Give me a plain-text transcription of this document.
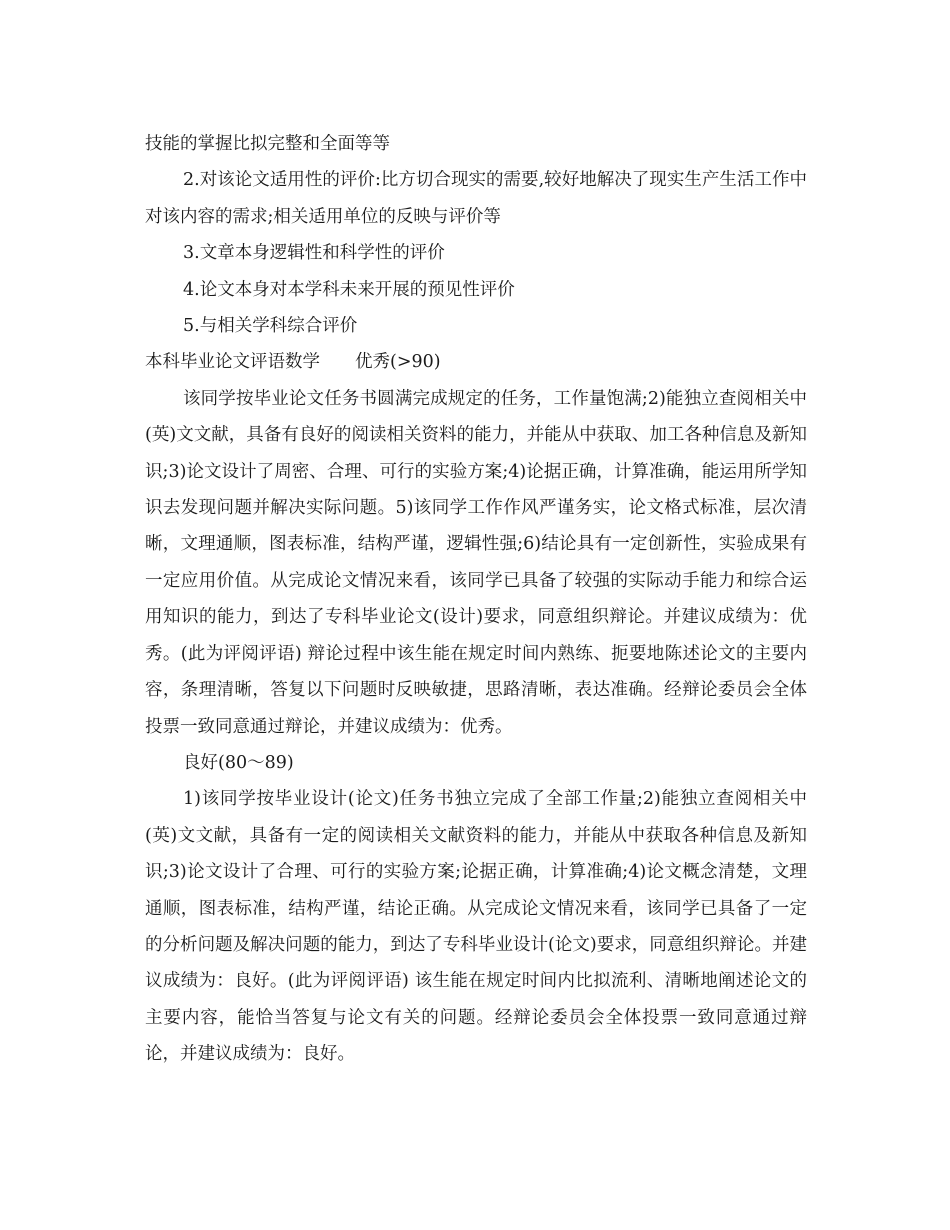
技能的掌握比拟完整和全面等等

2.对该论文适用性的评价:比方切合现实的需要,较好地解决了现实生产生活工作中对该内容的需求;相关适用单位的反映与评价等

3.文章本身逻辑性和科学性的评价

4.论文本身对本学科未来开展的预见性评价

5.与相关学科综合评价

本科毕业论文评语数学　　优秀(>90)

该同学按毕业论文任务书圆满完成规定的任务，工作量饱满;2)能独立查阅相关中(英)文文献，具备有良好的阅读相关资料的能力，并能从中获取、加工各种信息及新知识;3)论文设计了周密、合理、可行的实验方案;4)论据正确，计算准确，能运用所学知识去发现问题并解决实际问题。5)该同学工作作风严谨务实，论文格式标准，层次清晰，文理通顺，图表标准，结构严谨，逻辑性强;6)结论具有一定创新性，实验成果有一定应用价值。从完成论文情况来看，该同学已具备了较强的实际动手能力和综合运用知识的能力，到达了专科毕业论文(设计)要求，同意组织辩论。并建议成绩为：优秀。(此为评阅评语) 辩论过程中该生能在规定时间内熟练、扼要地陈述论文的主要内容，条理清晰，答复以下问题时反映敏捷，思路清晰，表达准确。经辩论委员会全体投票一致同意通过辩论，并建议成绩为：优秀。

良好(80～89)

1)该同学按毕业设计(论文)任务书独立完成了全部工作量;2)能独立查阅相关中(英)文文献，具备有一定的阅读相关文献资料的能力，并能从中获取各种信息及新知识;3)论文设计了合理、可行的实验方案;论据正确，计算准确;4)论文概念清楚，文理通顺，图表标准，结构严谨，结论正确。从完成论文情况来看，该同学已具备了一定的分析问题及解决问题的能力，到达了专科毕业设计(论文)要求，同意组织辩论。并建议成绩为：良好。(此为评阅评语) 该生能在规定时间内比拟流利、清晰地阐述论文的主要内容，能恰当答复与论文有关的问题。经辩论委员会全体投票一致同意通过辩论，并建议成绩为：良好。
